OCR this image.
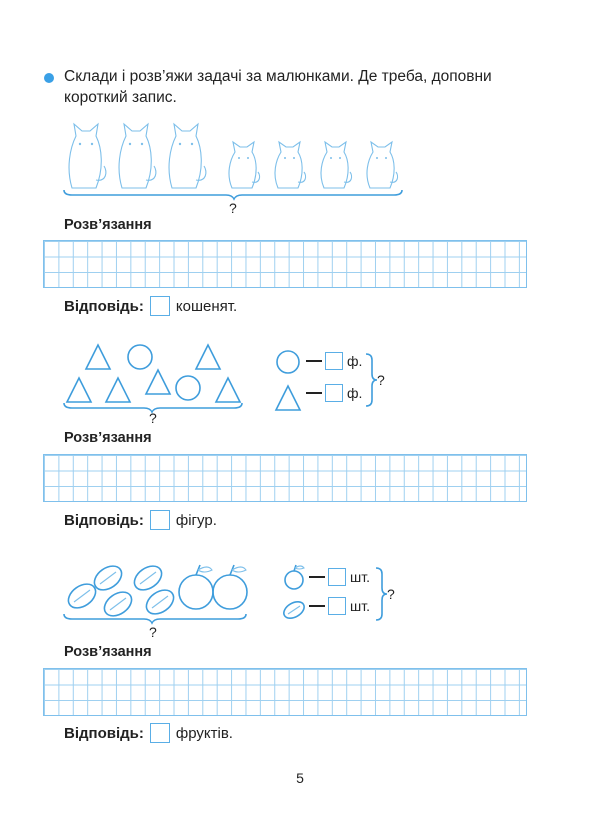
Склади і розв’яжи задачі за малюнками. Де треба, доповни короткий запис.
?
Розв’язання
Відповідь: кошенят.
?
ф.
ф.
?
Розв’язання
Відповідь: фігур.
?
шт.
шт.
?
Розв’язання
Відповідь: фруктів.
5
